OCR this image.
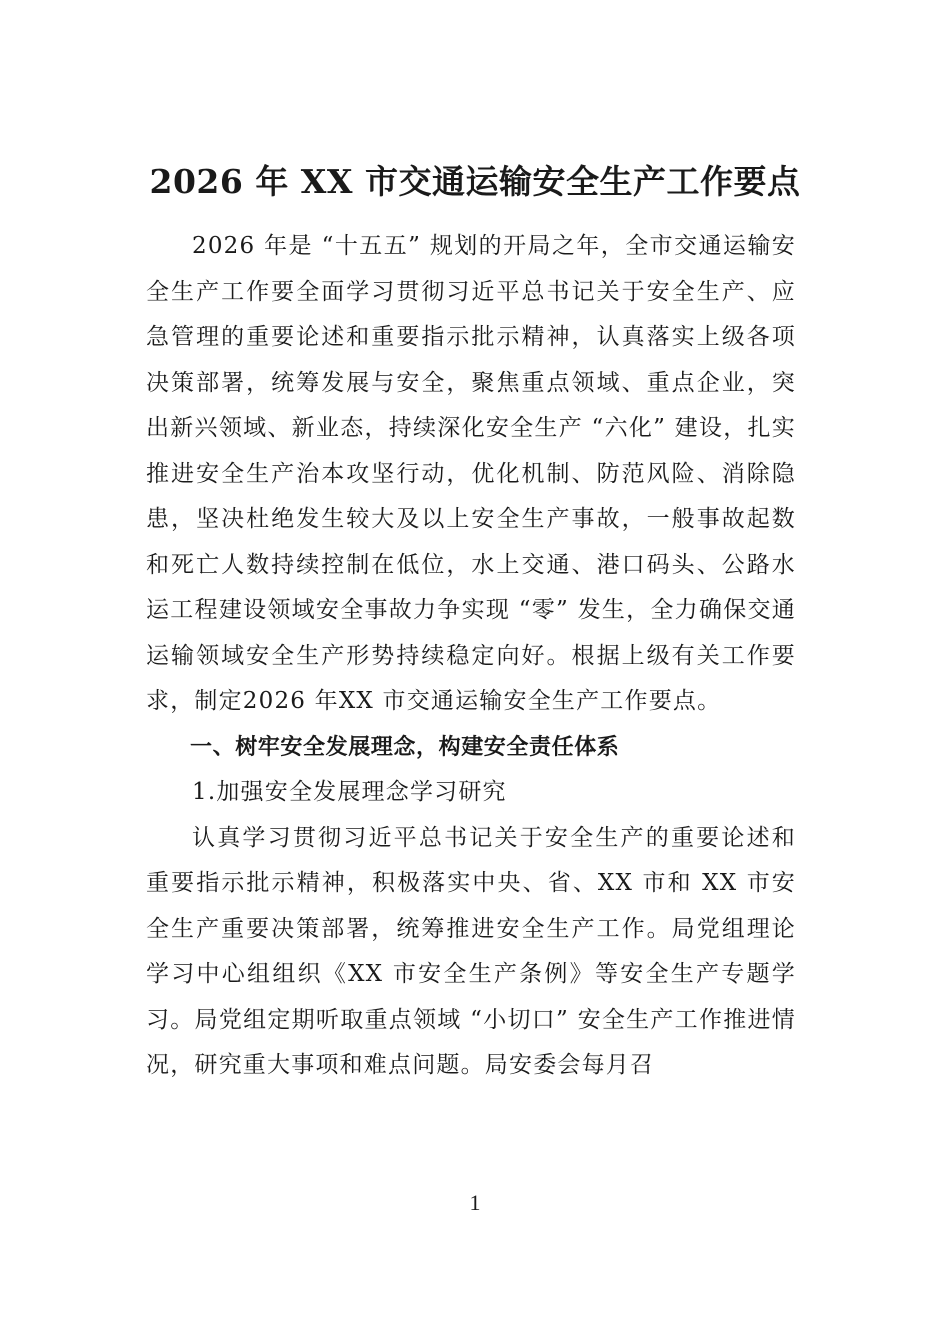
2026 年 XX 市交通运输安全生产工作要点

2026 年是 “十五五” 规划的开局之年，全市交通运输安全生产工作要全面学习贯彻习近平总书记关于安全生产、应急管理的重要论述和重要指示批示精神，认真落实上级各项决策部署，统筹发展与安全，聚焦重点领域、重点企业，突出新兴领域、新业态，持续深化安全生产 “六化” 建设，扎实推进安全生产治本攻坚行动，优化机制、防范风险、消除隐患，坚决杜绝发生较大及以上安全生产事故，一般事故起数和死亡人数持续控制在低位，水上交通、港口码头、公路水运工程建设领域安全事故力争实现 “零” 发生，全力确保交通运输领域安全生产形势持续稳定向好。根据上级有关工作要求，制定2026 年XX 市交通运输安全生产工作要点。

一、树牢安全发展理念，构建安全责任体系
1.加强安全发展理念学习研究

认真学习贯彻习近平总书记关于安全生产的重要论述和重要指示批示精神，积极落实中央、省、XX 市和 XX 市安全生产重要决策部署，统筹推进安全生产工作。局党组理论学习中心组组织《XX 市安全生产条例》等安全生产专题学习。局党组定期听取重点领域 “小切口” 安全生产工作推进情况，研究重大事项和难点问题。局安委会每月召

1
